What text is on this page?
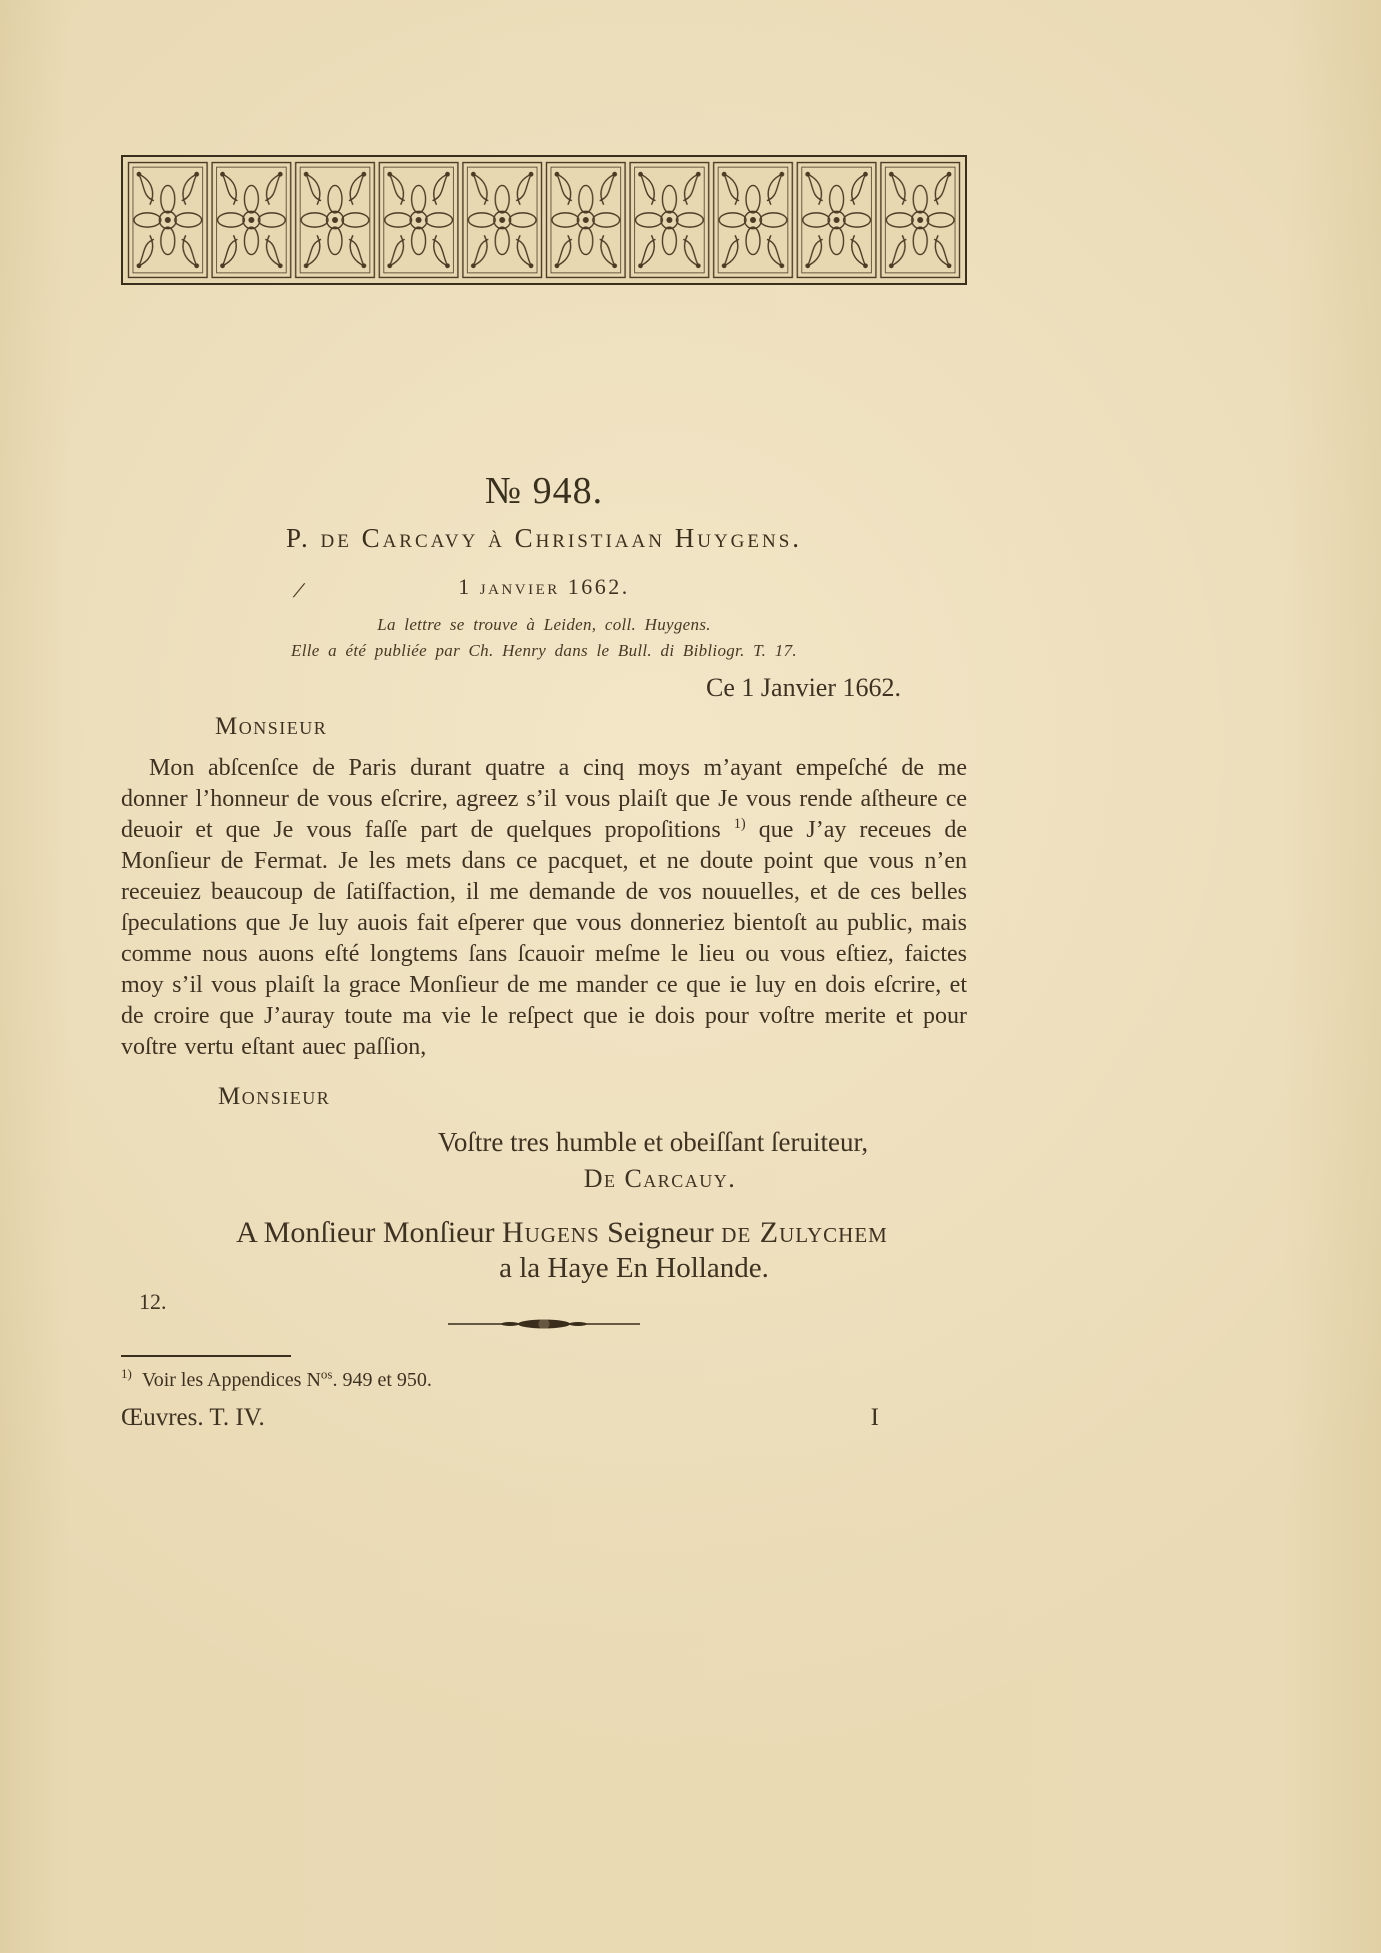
/
№ 948.
P. de Carcavy à Christiaan Huygens.
1 janvier 1662.
La lettre se trouve à Leiden, coll. Huygens.
Elle a été publiée par Ch. Henry dans le Bull. di Bibliogr. T. 17.
Ce 1 Janvier 1662.
Monsieur

Mon abſcenſce de Paris durant quatre a cinq moys m’ayant empeſché de me donner l’honneur de vous eſcrire, agreez s’il vous plaiſt que Je vous rende aſtheure ce deuoir et que Je vous faſſe part de quelques propoſitions $^{1)}$ que J’ay receues de Monſieur de Fermat. Je les mets dans ce pacquet, et ne doute point que vous n’en receuiez beaucoup de ſatiſfaction, il me demande de vos nouuelles, et de ces belles ſpeculations que Je luy auois fait eſperer que vous donneriez bientoſt au public, mais comme nous auons eſté longtems ſans ſcauoir meſme le lieu ou vous eſtiez, faictes moy s’il vous plaiſt la grace Monſieur de me mander ce que ie luy en dois eſcrire, et de croire que J’auray toute ma vie le reſpect que ie dois pour voſtre merite et pour voſtre vertu eſtant auec paſſion,

Monsieur
Voſtre tres humble et obeiſſant ſeruiteur,
De Carcauy.
A Monſieur Monſieur Hugens Seigneur de Zulychem
a la Haye En Hollande.
12.
$^{1)}$ Voir les Appendices $N^{os}$. 949 et 950.
Œuvres. T. IV.	I
